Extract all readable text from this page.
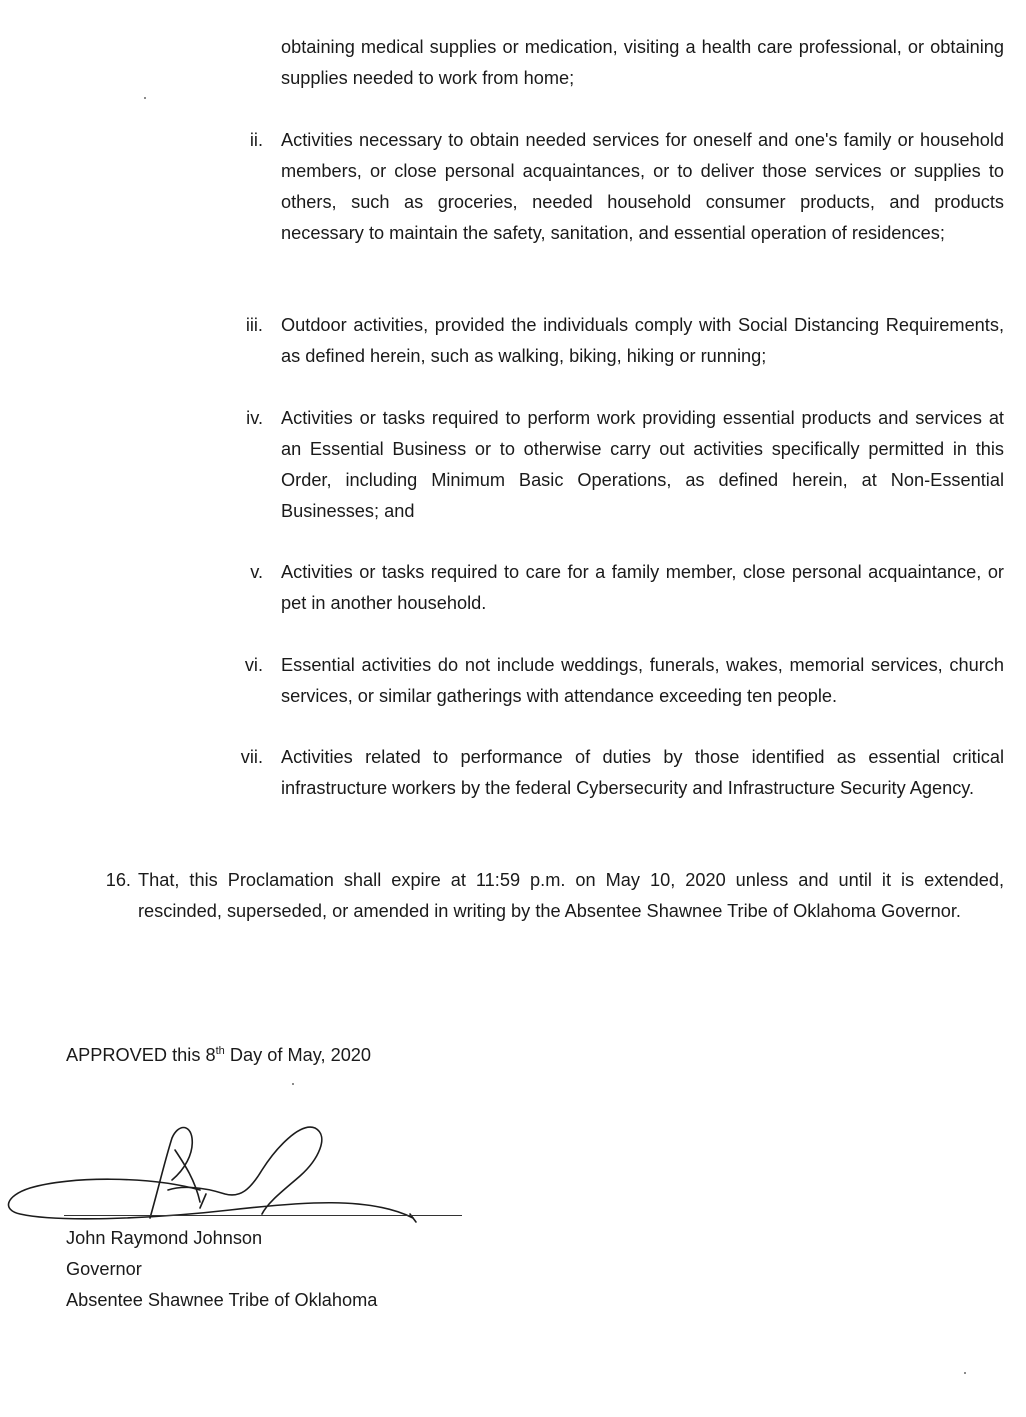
obtaining medical supplies or medication, visiting a health care professional, or obtaining supplies needed to work from home;

ii. Activities necessary to obtain needed services for oneself and one's family or household members, or close personal acquaintances, or to deliver those services or supplies to others, such as groceries, needed household consumer products, and products necessary to maintain the safety, sanitation, and essential operation of residences;

iii. Outdoor activities, provided the individuals comply with Social Distancing Requirements, as defined herein, such as walking, biking, hiking or running;

iv. Activities or tasks required to perform work providing essential products and services at an Essential Business or to otherwise carry out activities specifically permitted in this Order, including Minimum Basic Operations, as defined herein, at Non-Essential Businesses; and

v. Activities or tasks required to care for a family member, close personal acquaintance, or pet in another household.

vi. Essential activities do not include weddings, funerals, wakes, memorial services, church services, or similar gatherings with attendance exceeding ten people.

vii. Activities related to performance of duties by those identified as essential critical infrastructure workers by the federal Cybersecurity and Infrastructure Security Agency.

16. That, this Proclamation shall expire at 11:59 p.m. on May 10, 2020 unless and until it is extended, rescinded, superseded, or amended in writing by the Absentee Shawnee Tribe of Oklahoma Governor.

APPROVED this 8th Day of May, 2020
John Raymond Johnson
Governor
Absentee Shawnee Tribe of Oklahoma
